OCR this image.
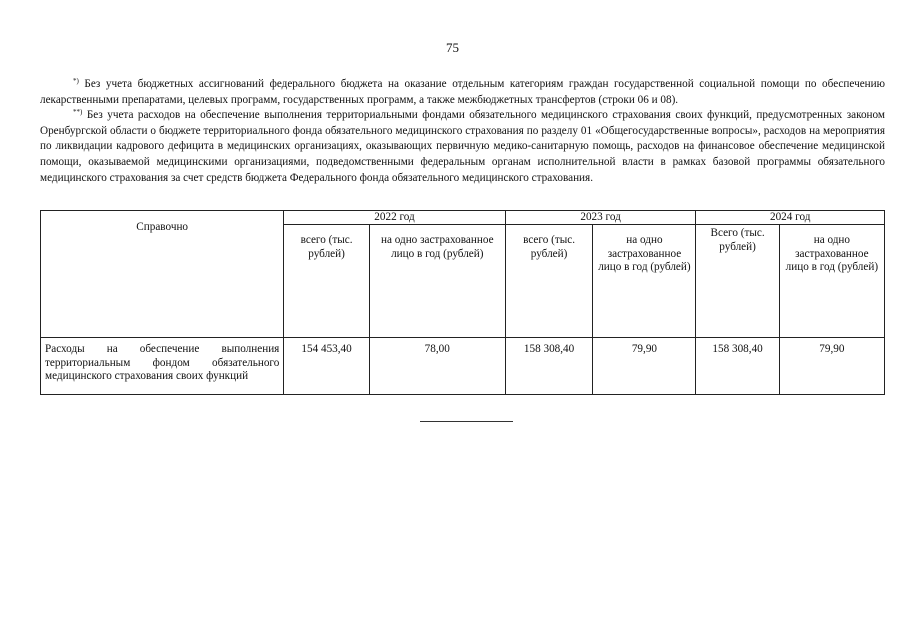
75

*) Без учета бюджетных ассигнований федерального бюджета на оказание отдельным категориям граждан государственной социальной помощи по обеспечению лекарственными препаратами, целевых программ, государственных программ, а также межбюджетных трансфертов (строки 06 и 08).

**) Без учета расходов на обеспечение выполнения территориальными фондами обязательного медицинского страхования своих функций, предусмотренных законом Оренбургской области о бюджете территориального фонда обязательного медицинского страхования по разделу 01 «Общегосударственные вопросы», расходов на мероприятия по ликвидации кадрового дефицита в медицинских организациях, оказывающих первичную медико-санитарную помощь, расходов на финансовое обеспечение медицинской помощи, оказываемой медицинскими организациями, подведомственными федеральным органам исполнительной власти в рамках базовой программы обязательного медицинского страхования за счет средств бюджета Федерального фонда обязательного медицинского страхования.

Справочно	2022 год		2023 год		2024 год	
	всего (тыс. рублей)	на одно застрахованное лицо в год (рублей)	всего (тыс. рублей)	на одно застрахованное лицо в год (рублей)	Всего (тыс. рублей)	на одно застрахованное лицо в год (рублей)
Расходы на обеспечение выполнения территориальным фондом обязательного медицинского страхования своих функций	154 453,40	78,00	158 308,40	79,90	158 308,40	79,90
